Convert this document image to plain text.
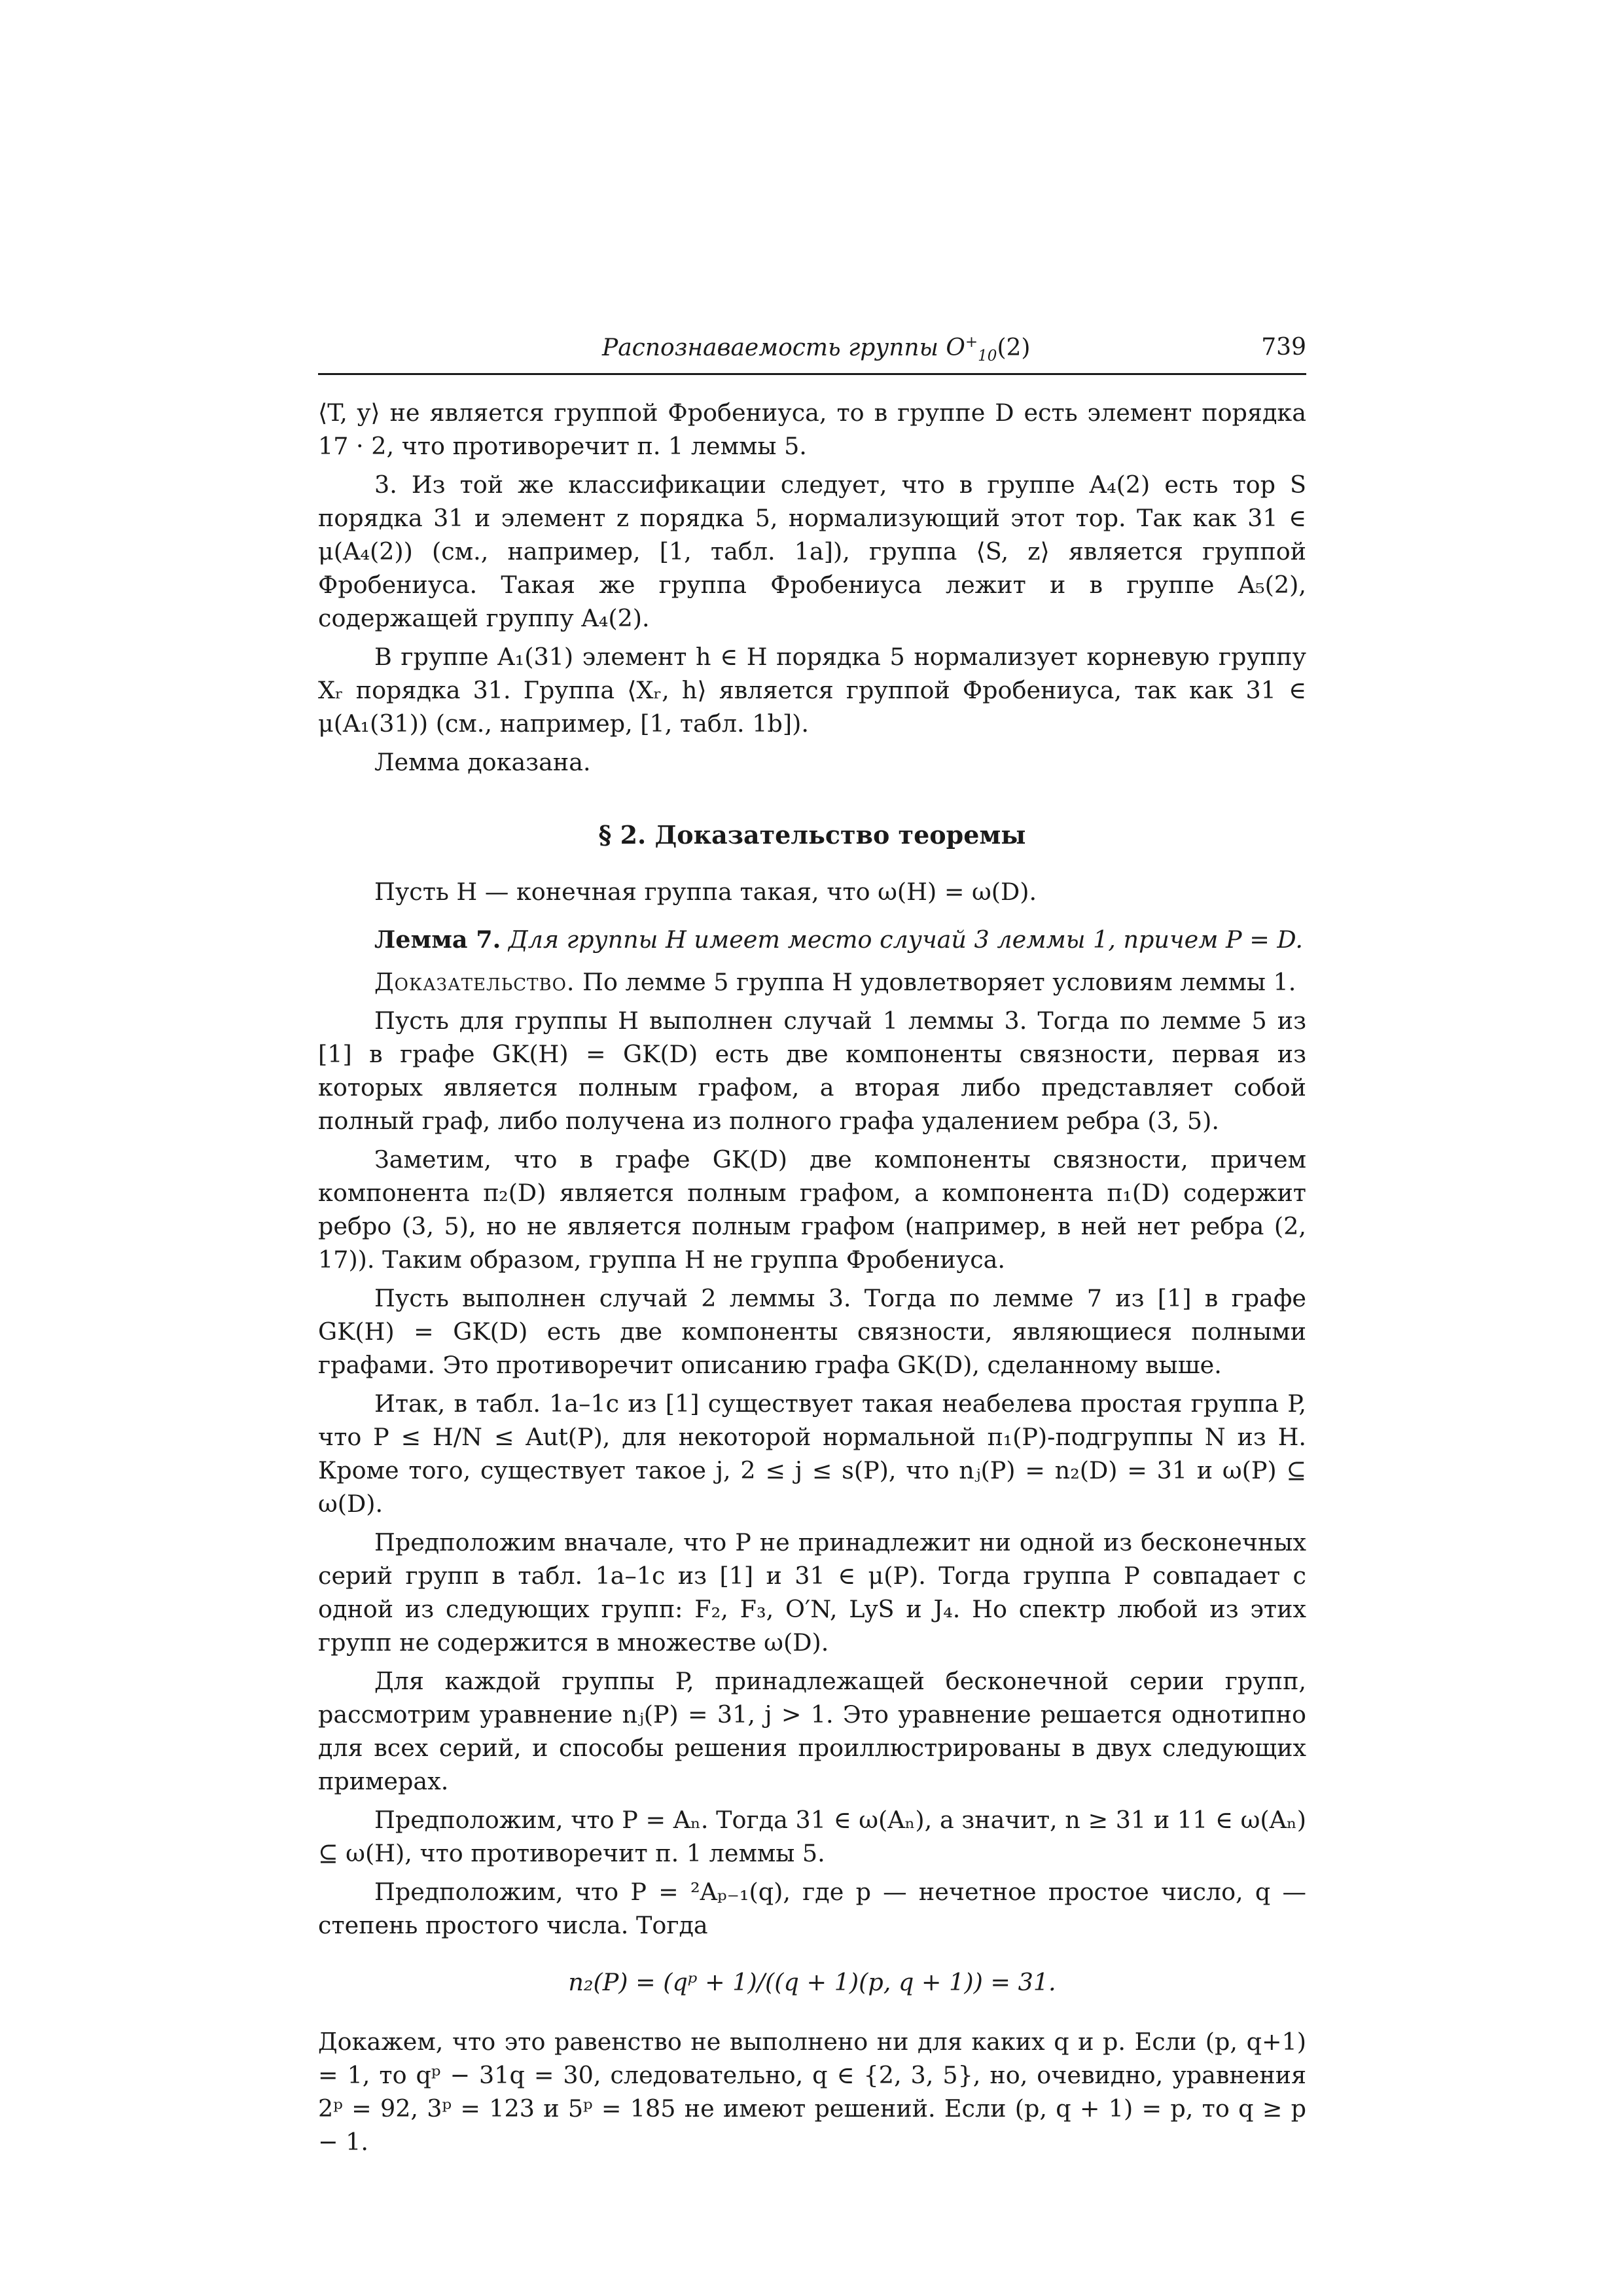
Распознаваемость группы $O^+_{10}(2)$	739

⟨T, y⟩ не является группой Фробениуса, то в группе D есть элемент порядка 17 · 2, что противоречит п. 1 леммы 5.

3. Из той же классификации следует, что в группе A₄(2) есть тор S порядка 31 и элемент z порядка 5, нормализующий этот тор. Так как 31 ∈ μ(A₄(2)) (см., например, [1, табл. 1a]), группа ⟨S, z⟩ является группой Фробениуса. Такая же группа Фробениуса лежит и в группе A₅(2), содержащей группу A₄(2).

В группе A₁(31) элемент h ∈ H порядка 5 нормализует корневую группу Xᵣ порядка 31. Группа ⟨Xᵣ, h⟩ является группой Фробениуса, так как 31 ∈ μ(A₁(31)) (см., например, [1, табл. 1b]).

Лемма доказана.

§ 2. Доказательство теоремы

Пусть H — конечная группа такая, что ω(H) = ω(D).

Лемма 7. Для группы H имеет место случай 3 леммы 1, причем P = D.

Доказательство. По лемме 5 группа H удовлетворяет условиям леммы 1.

Пусть для группы H выполнен случай 1 леммы 3. Тогда по лемме 5 из [1] в графе GK(H) = GK(D) есть две компоненты связности, первая из которых является полным графом, а вторая либо представляет собой полный граф, либо получена из полного графа удалением ребра (3, 5).

Заметим, что в графе GK(D) две компоненты связности, причем компонента π₂(D) является полным графом, а компонента π₁(D) содержит ребро (3, 5), но не является полным графом (например, в ней нет ребра (2, 17)). Таким образом, группа H не группа Фробениуса.

Пусть выполнен случай 2 леммы 3. Тогда по лемме 7 из [1] в графе GK(H) = GK(D) есть две компоненты связности, являющиеся полными графами. Это противоречит описанию графа GK(D), сделанному выше.

Итак, в табл. 1a–1c из [1] существует такая неабелева простая группа P, что P ≤ H/N ≤ Aut(P), для некоторой нормальной π₁(P)-подгруппы N из H. Кроме того, существует такое j, 2 ≤ j ≤ s(P), что nⱼ(P) = n₂(D) = 31 и ω(P) ⊆ ω(D).

Предположим вначале, что P не принадлежит ни одной из бесконечных серий групп в табл. 1a–1c из [1] и 31 ∈ μ(P). Тогда группа P совпадает с одной из следующих групп: F₂, F₃, O′N, LyS и J₄. Но спектр любой из этих групп не содержится в множестве ω(D).

Для каждой группы P, принадлежащей бесконечной серии групп, рассмотрим уравнение nⱼ(P) = 31, j > 1. Это уравнение решается однотипно для всех серий, и способы решения проиллюстрированы в двух следующих примерах.

Предположим, что P = Aₙ. Тогда 31 ∈ ω(Aₙ), а значит, n ≥ 31 и 11 ∈ ω(Aₙ) ⊆ ω(H), что противоречит п. 1 леммы 5.

Предположим, что P = ²Aₚ₋₁(q), где p — нечетное простое число, q — степень простого числа. Тогда

n₂(P) = (qᵖ + 1)/((q + 1)(p, q + 1)) = 31.

Докажем, что это равенство не выполнено ни для каких q и p. Если (p, q+1) = 1, то qᵖ − 31q = 30, следовательно, q ∈ {2, 3, 5}, но, очевидно, уравнения 2ᵖ = 92, 3ᵖ = 123 и 5ᵖ = 185 не имеют решений. Если (p, q + 1) = p, то q ≥ p − 1.
